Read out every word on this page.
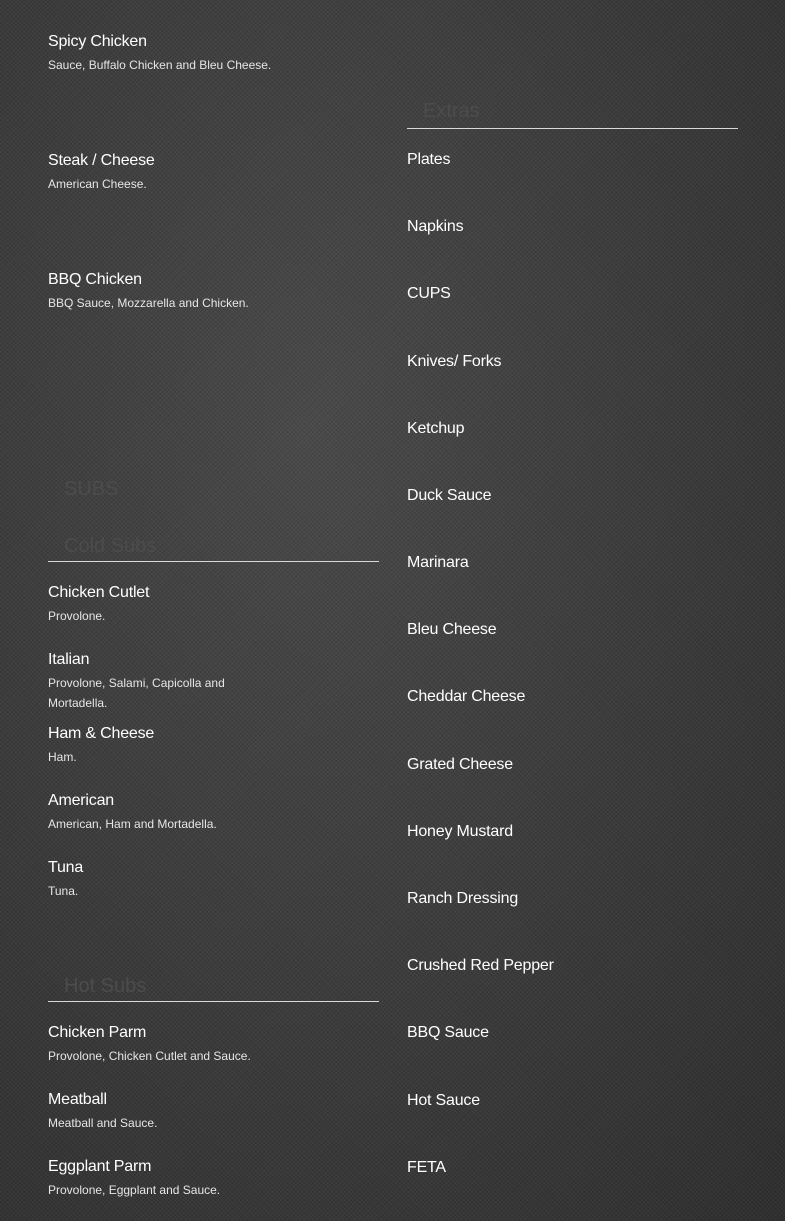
Spicy Chicken
Sauce, Buffalo Chicken and Bleu Cheese.
Steak / Cheese
American Cheese.
BBQ Chicken
BBQ Sauce, Mozzarella and Chicken.
SUBS
Cold Subs
Chicken Cutlet
Provolone.
Italian
Provolone, Salami, Capicolla and Mortadella.
Ham & Cheese
Ham.
American
American, Ham and Mortadella.
Tuna
Tuna.
Hot Subs
Chicken Parm
Provolone, Chicken Cutlet and Sauce.
Meatball
Meatball and Sauce.
Eggplant Parm
Provolone, Eggplant and Sauce.
Extras
Plates
Napkins
CUPS
Knives/ Forks
Ketchup
Duck Sauce
Marinara
Bleu Cheese
Cheddar Cheese
Grated Cheese
Honey Mustard
Ranch Dressing
Crushed Red Pepper
BBQ Sauce
Hot Sauce
FETA
